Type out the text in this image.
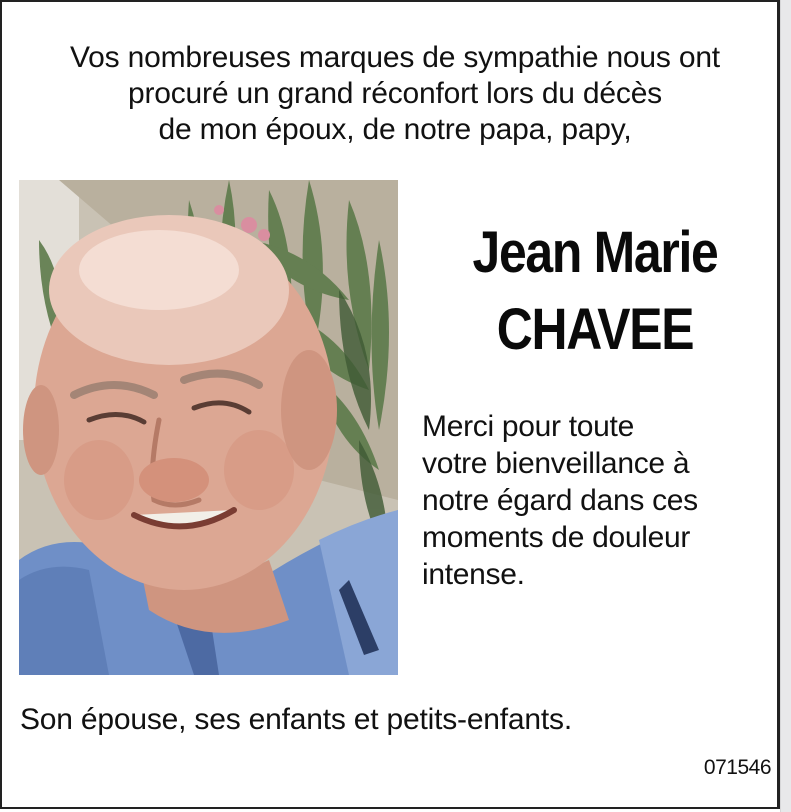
Vos nombreuses marques de sympathie nous ont
procuré un grand réconfort lors du décès
de mon époux, de notre papa, papy,
Jean Marie
CHAVEE
Merci pour toute
votre bienveillance à
notre égard dans ces
moments de douleur
intense.
Son épouse, ses enfants et petits-enfants.
071546
